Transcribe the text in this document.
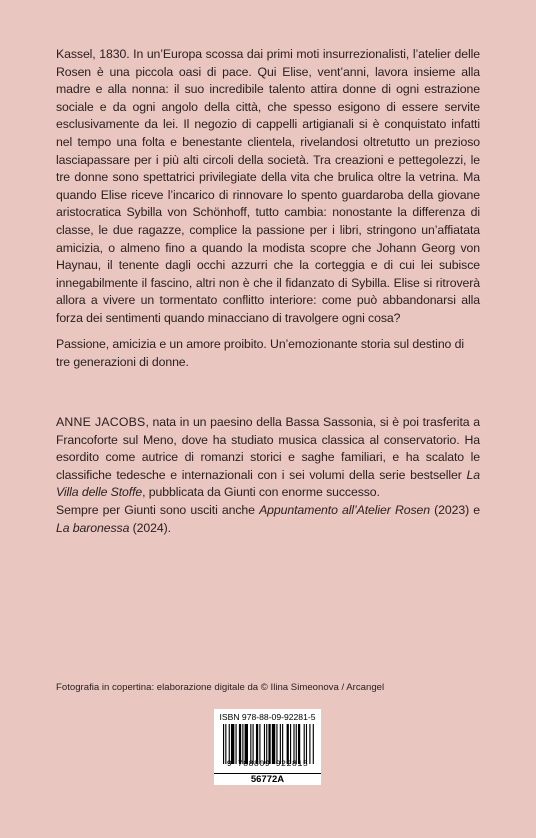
Kassel, 1830. In un’Europa scossa dai primi moti insurrezionalisti, l’atelier delle Rosen è una piccola oasi di pace. Qui Elise, vent’anni, lavora insieme alla madre e alla nonna: il suo incredibile talento attira donne di ogni estrazione sociale e da ogni angolo della città, che spesso esigono di essere servite esclusivamente da lei. Il negozio di cappelli artigianali si è conquistato infatti nel tempo una folta e benestante clientela, rivelandosi oltretutto un prezioso lasciapassare per i più alti circoli della società. Tra creazioni e pettegolezzi, le tre donne sono spettatrici privilegiate della vita che brulica oltre la vetrina. Ma quando Elise riceve l’incarico di rinnovare lo spento guardaroba della giovane aristocratica Sybilla von Schönhoff, tutto cambia: nonostante la differenza di classe, le due ragazze, complice la passione per i libri, stringono un’affiatata amicizia, o almeno fino a quando la modista scopre che Johann Georg von Haynau, il tenente dagli occhi azzurri che la corteggia e di cui lei subisce innegabilmente il fascino, altri non è che il fidanzato di Sybilla. Elise si ritroverà allora a vivere un tormentato conflitto interiore: come può abbandonarsi alla forza dei sentimenti quando minacciano di travolgere ogni cosa?

Passione, amicizia e un amore proibito. Un’emozionante storia sul destino di tre generazioni di donne.
ANNE JACOBS, nata in un paesino della Bassa Sassonia, si è poi trasferita a Francoforte sul Meno, dove ha studiato musica classica al conservatorio. Ha esordito come autrice di romanzi storici e saghe familiari, e ha scalato le classifiche tedesche e internazionali con i sei volumi della serie bestseller La Villa delle Stoffe, pubblicata da Giunti con enorme successo.
Sempre per Giunti sono usciti anche Appuntamento all’Atelier Rosen (2023) e La baronessa (2024).
Fotografia in copertina: elaborazione digitale da © Ilina Simeonova / Arcangel
ISBN 978-88-09-92281-5
9 788809 922815
56772A
